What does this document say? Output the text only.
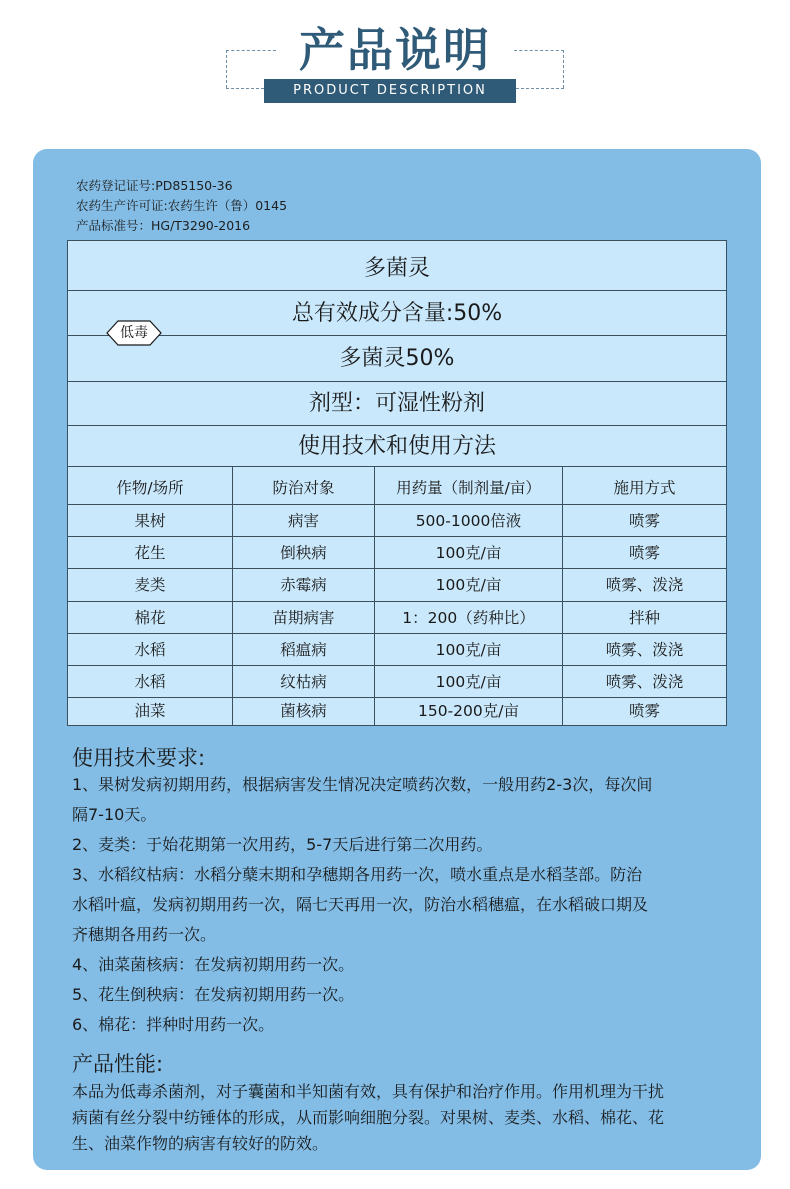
产品说明
PRODUCT DESCRIPTION
农药登记证号:PD85150-36
农药生产许可证:农药生许（鲁）0145
产品标准号：HG/T3290-2016
多菌灵
总有效成分含量:50%
多菌灵50%
剂型：可湿性粉剂
使用技术和使用方法
作物/场所	防治对象	用药量（制剂量/亩）	施用方式
果树	病害	500-1000倍液	喷雾
花生	倒秧病	100克/亩	喷雾
麦类	赤霉病	100克/亩	喷雾、泼浇
棉花	苗期病害	1：200（药种比）	拌种
水稻	稻瘟病	100克/亩	喷雾、泼浇
水稻	纹枯病	100克/亩	喷雾、泼浇
油菜	菌核病	150-200克/亩	喷雾
低毒
使用技术要求:
1、果树发病初期用药，根据病害发生情况决定喷药次数，一般用药2-3次，每次间
隔7-10天。
2、麦类：于始花期第一次用药，5-7天后进行第二次用药。
3、水稻纹枯病：水稻分蘖末期和孕穗期各用药一次，喷水重点是水稻茎部。防治
水稻叶瘟，发病初期用药一次，隔七天再用一次，防治水稻穗瘟，在水稻破口期及
齐穗期各用药一次。
4、油菜菌核病：在发病初期用药一次。
5、花生倒秧病：在发病初期用药一次。
6、棉花：拌种时用药一次。
产品性能:
本品为低毒杀菌剂，对子囊菌和半知菌有效，具有保护和治疗作用。作用机理为干扰
病菌有丝分裂中纺锤体的形成，从而影响细胞分裂。对果树、麦类、水稻、棉花、花
生、油菜作物的病害有较好的防效。
